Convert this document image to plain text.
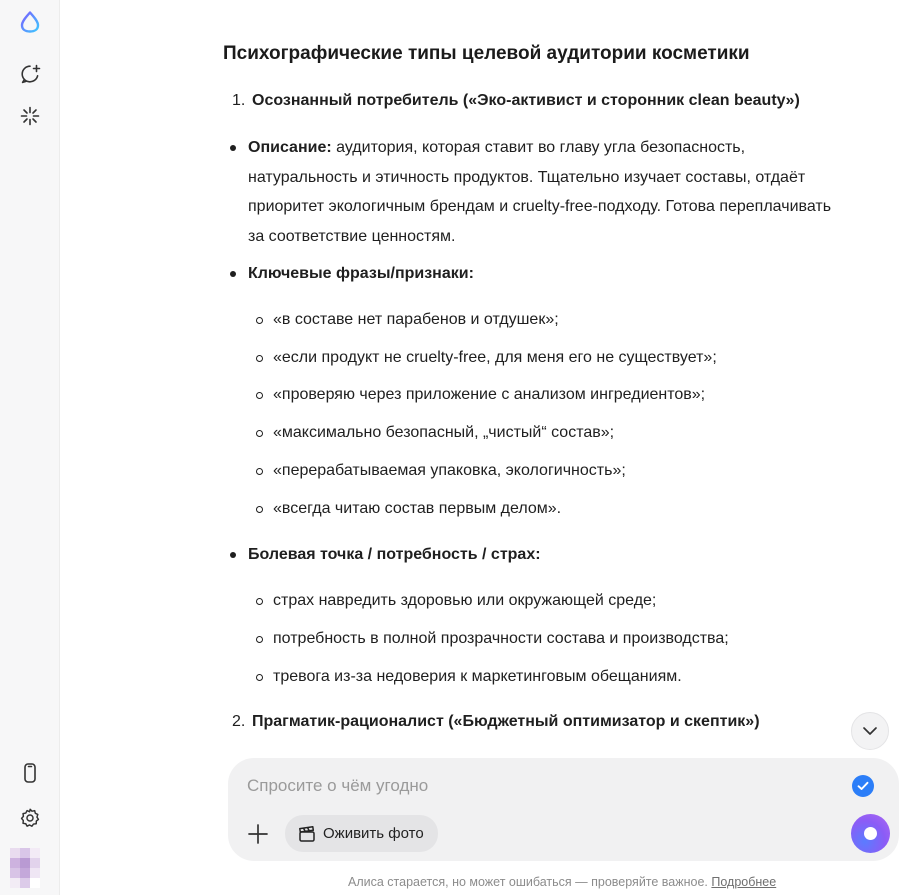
Психографические типы целевой аудитории косметики
1. Осознанный потребитель («Эко-активист и сторонник clean beauty»)
Описание: аудитория, которая ставит во главу угла безопасность, натуральность и этичность продуктов. Тщательно изучает составы, отдаёт приоритет экологичным брендам и cruelty-free-подходу. Готова переплачивать за соответствие ценностям.
Ключевые фразы/признаки:
«в составе нет парабенов и отдушек»;
«если продукт не cruelty-free, для меня его не существует»;
«проверяю через приложение с анализом ингредиентов»;
«максимально безопасный, „чистый“ состав»;
«перерабатываемая упаковка, экологичность»;
«всегда читаю состав первым делом».
Болевая точка / потребность / страх:
страх навредить здоровью или окружающей среде;
потребность в полной прозрачности состава и производства;
тревога из-за недоверия к маркетинговым обещаниям.
2. Прагматик-рационалист («Бюджетный оптимизатор и скептик»)
Спросите о чём угодно
Оживить фото
Алиса старается, но может ошибаться — проверяйте важное. Подробнее
